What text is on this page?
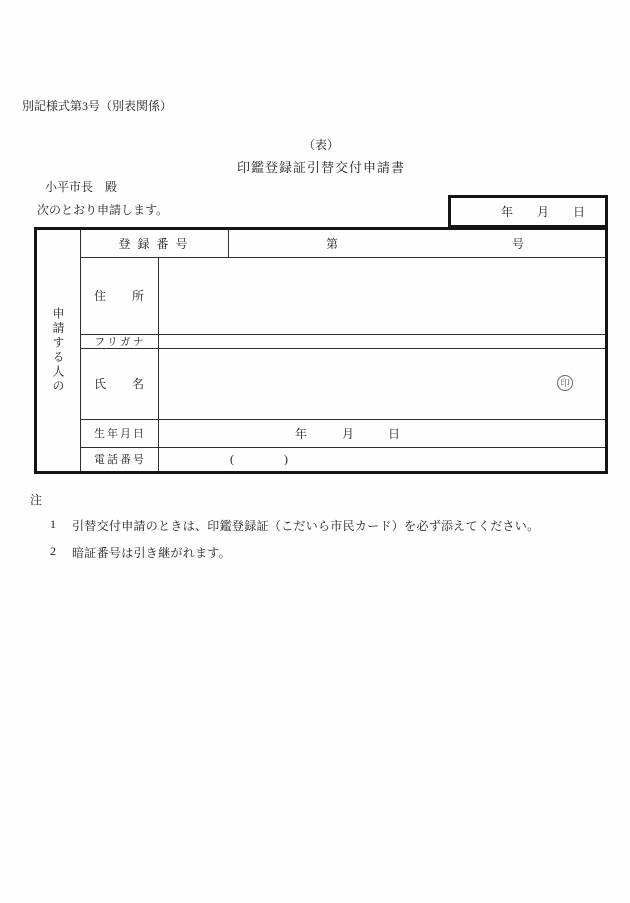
別記様式第3号（別表関係）
（表）
印鑑登録証引替交付申請書
小平市長　殿
次のとおり申請します。	年 月 日
申請する人の
登 録 番 号	第	号
住　所
フリガナ
氏　名	印
生年月日	年	月	日
電話番号	(	)
注
1 引替交付申請のときは、印鑑登録証（こだいら市民カード）を必ず添えてください。
2 暗証番号は引き継がれます。
